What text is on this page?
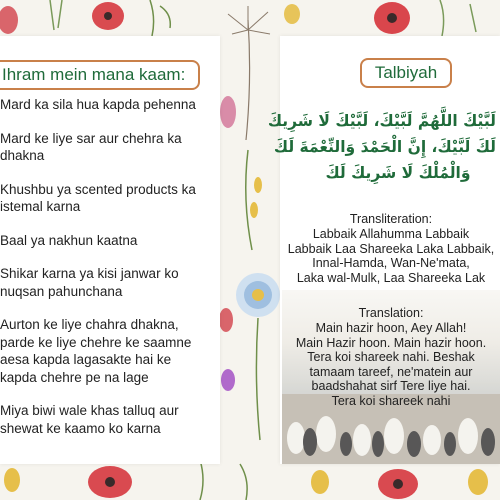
Ihram mein mana kaam:
Mard ka sila hua kapda pehenna
Mard ke liye sar aur chehra ka
dhakna
Khushbu ya scented products ka
istemal karna
Baal ya nakhun kaatna
Shikar karna ya kisi janwar ko
nuqsan pahunchana
Aurton ke liye chahra dhakna,
parde ke liye chehre ke saamne
aesa kapda lagasakte hai ke
kapda chehre pe na lage
Miya biwi wale khas talluq aur
shewat ke kaamo ko karna
Talbiyah
لَبَّيْكَ اللَّهُمَّ لَبَّيْكَ، لَبَّيْكَ لَا شَرِيكَ
لَكَ لَبَّيْكَ، إِنَّ الْحَمْدَ وَالنِّعْمَةَ لَكَ
وَالْمُلْكَ لَا شَرِيكَ لَكَ
Transliteration:
Labbaik Allahumma Labbaik
Labbaik Laa Shareeka Laka Labbaik,
Innal-Hamda, Wan-Ne'mata,
Laka wal-Mulk, Laa Shareeka Lak
Translation:
Main hazir hoon, Aey Allah!
Main Hazir hoon. Main hazir hoon.
Tera koi shareek nahi. Beshak
tamaam tareef, ne'matein aur
baadshahat sirf Tere liye hai.
Tera koi shareek nahi
